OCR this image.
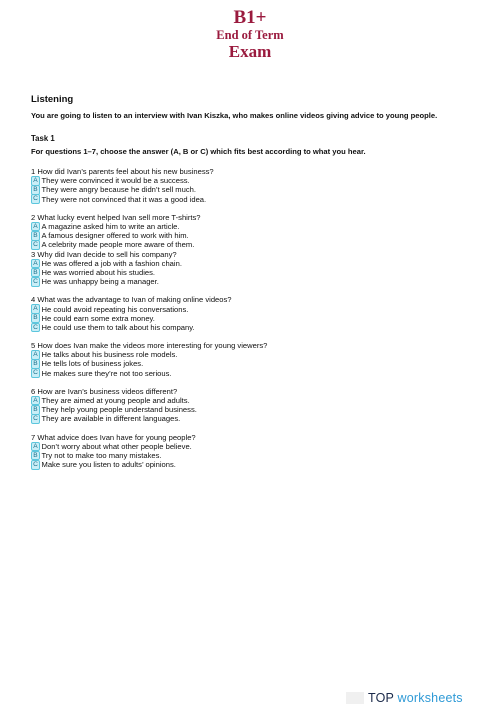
B1+
End of Term
Exam
Listening
You are going to listen to an interview with Ivan Kiszka, who makes online videos giving advice to young people.
Task 1
For questions 1–7, choose the answer (A, B or C) which fits best according to what you hear.
1 How did Ivan’s parents feel about his new business?
A They were convinced it would be a success.
B They were angry because he didn’t sell much.
C They were not convinced that it was a good idea.
2 What lucky event helped Ivan sell more T-shirts?
A A magazine asked him to write an article.
B A famous designer offered to work with him.
C A celebrity made people more aware of them.
3 Why did Ivan decide to sell his company?
A He was offered a job with a fashion chain.
B He was worried about his studies.
C He was unhappy being a manager.
4 What was the advantage to Ivan of making online videos?
A He could avoid repeating his conversations.
B He could earn some extra money.
C He could use them to talk about his company.
5 How does Ivan make the videos more interesting for young viewers?
A He talks about his business role models.
B He tells lots of business jokes.
C He makes sure they’re not too serious.
6 How are Ivan’s business videos different?
A They are aimed at young people and adults.
B They help young people understand business.
C They are available in different languages.
7 What advice does Ivan have for young people?
A Don’t worry about what other people believe.
B Try not to make too many mistakes.
C Make sure you listen to adults’ opinions.
TOP worksheets
